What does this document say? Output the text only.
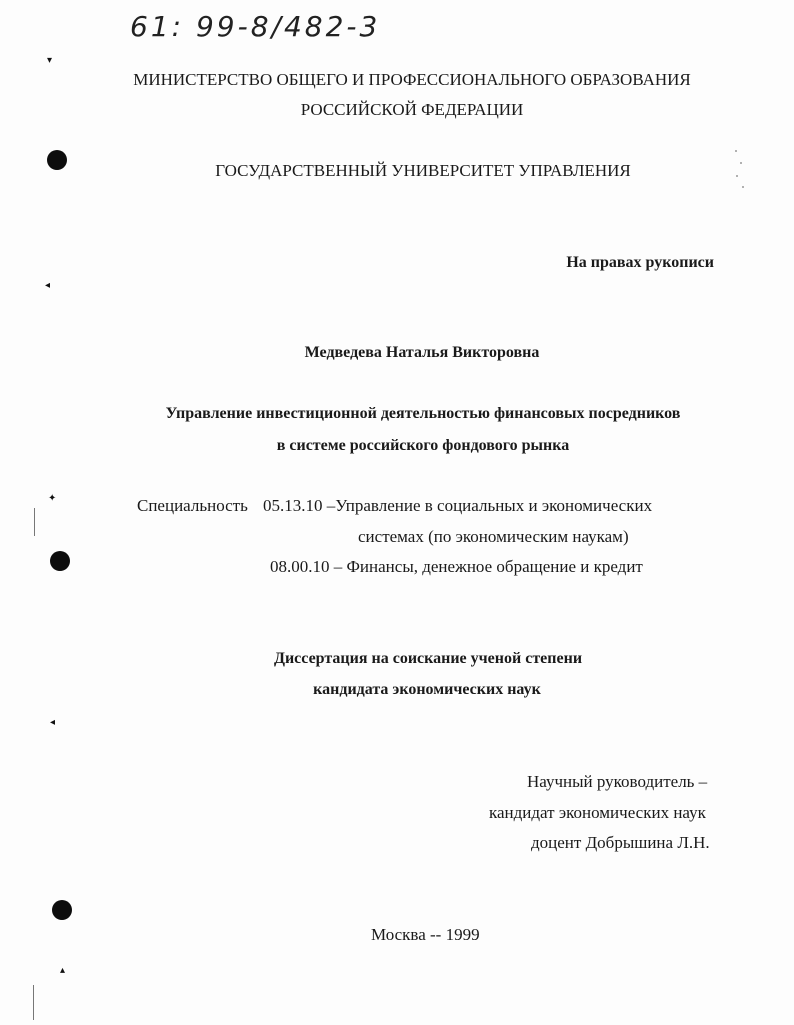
▾
◂
✦
◂
▴
61: 99-8/482-3
МИНИСТЕРСТВО ОБЩЕГО И ПРОФЕССИОНАЛЬНОГО ОБРАЗОВАНИЯ
РОССИЙСКОЙ ФЕДЕРАЦИИ
ГОСУДАРСТВЕННЫЙ УНИВЕРСИТЕТ УПРАВЛЕНИЯ
На правах рукописи
Медведева Наталья Викторовна
Управление инвестиционной деятельностью финансовых посредников
в системе российского фондового рынка
Специальность 05.13.10 –Управление в социальных и экономических
системах (по экономическим наукам)
08.00.10 – Финансы, денежное обращение и кредит
Диссертация на соискание ученой степени
кандидата экономических наук
Научный руководитель –
кандидат экономических наук
доцент Добрышина Л.Н.
Москва -- 1999
